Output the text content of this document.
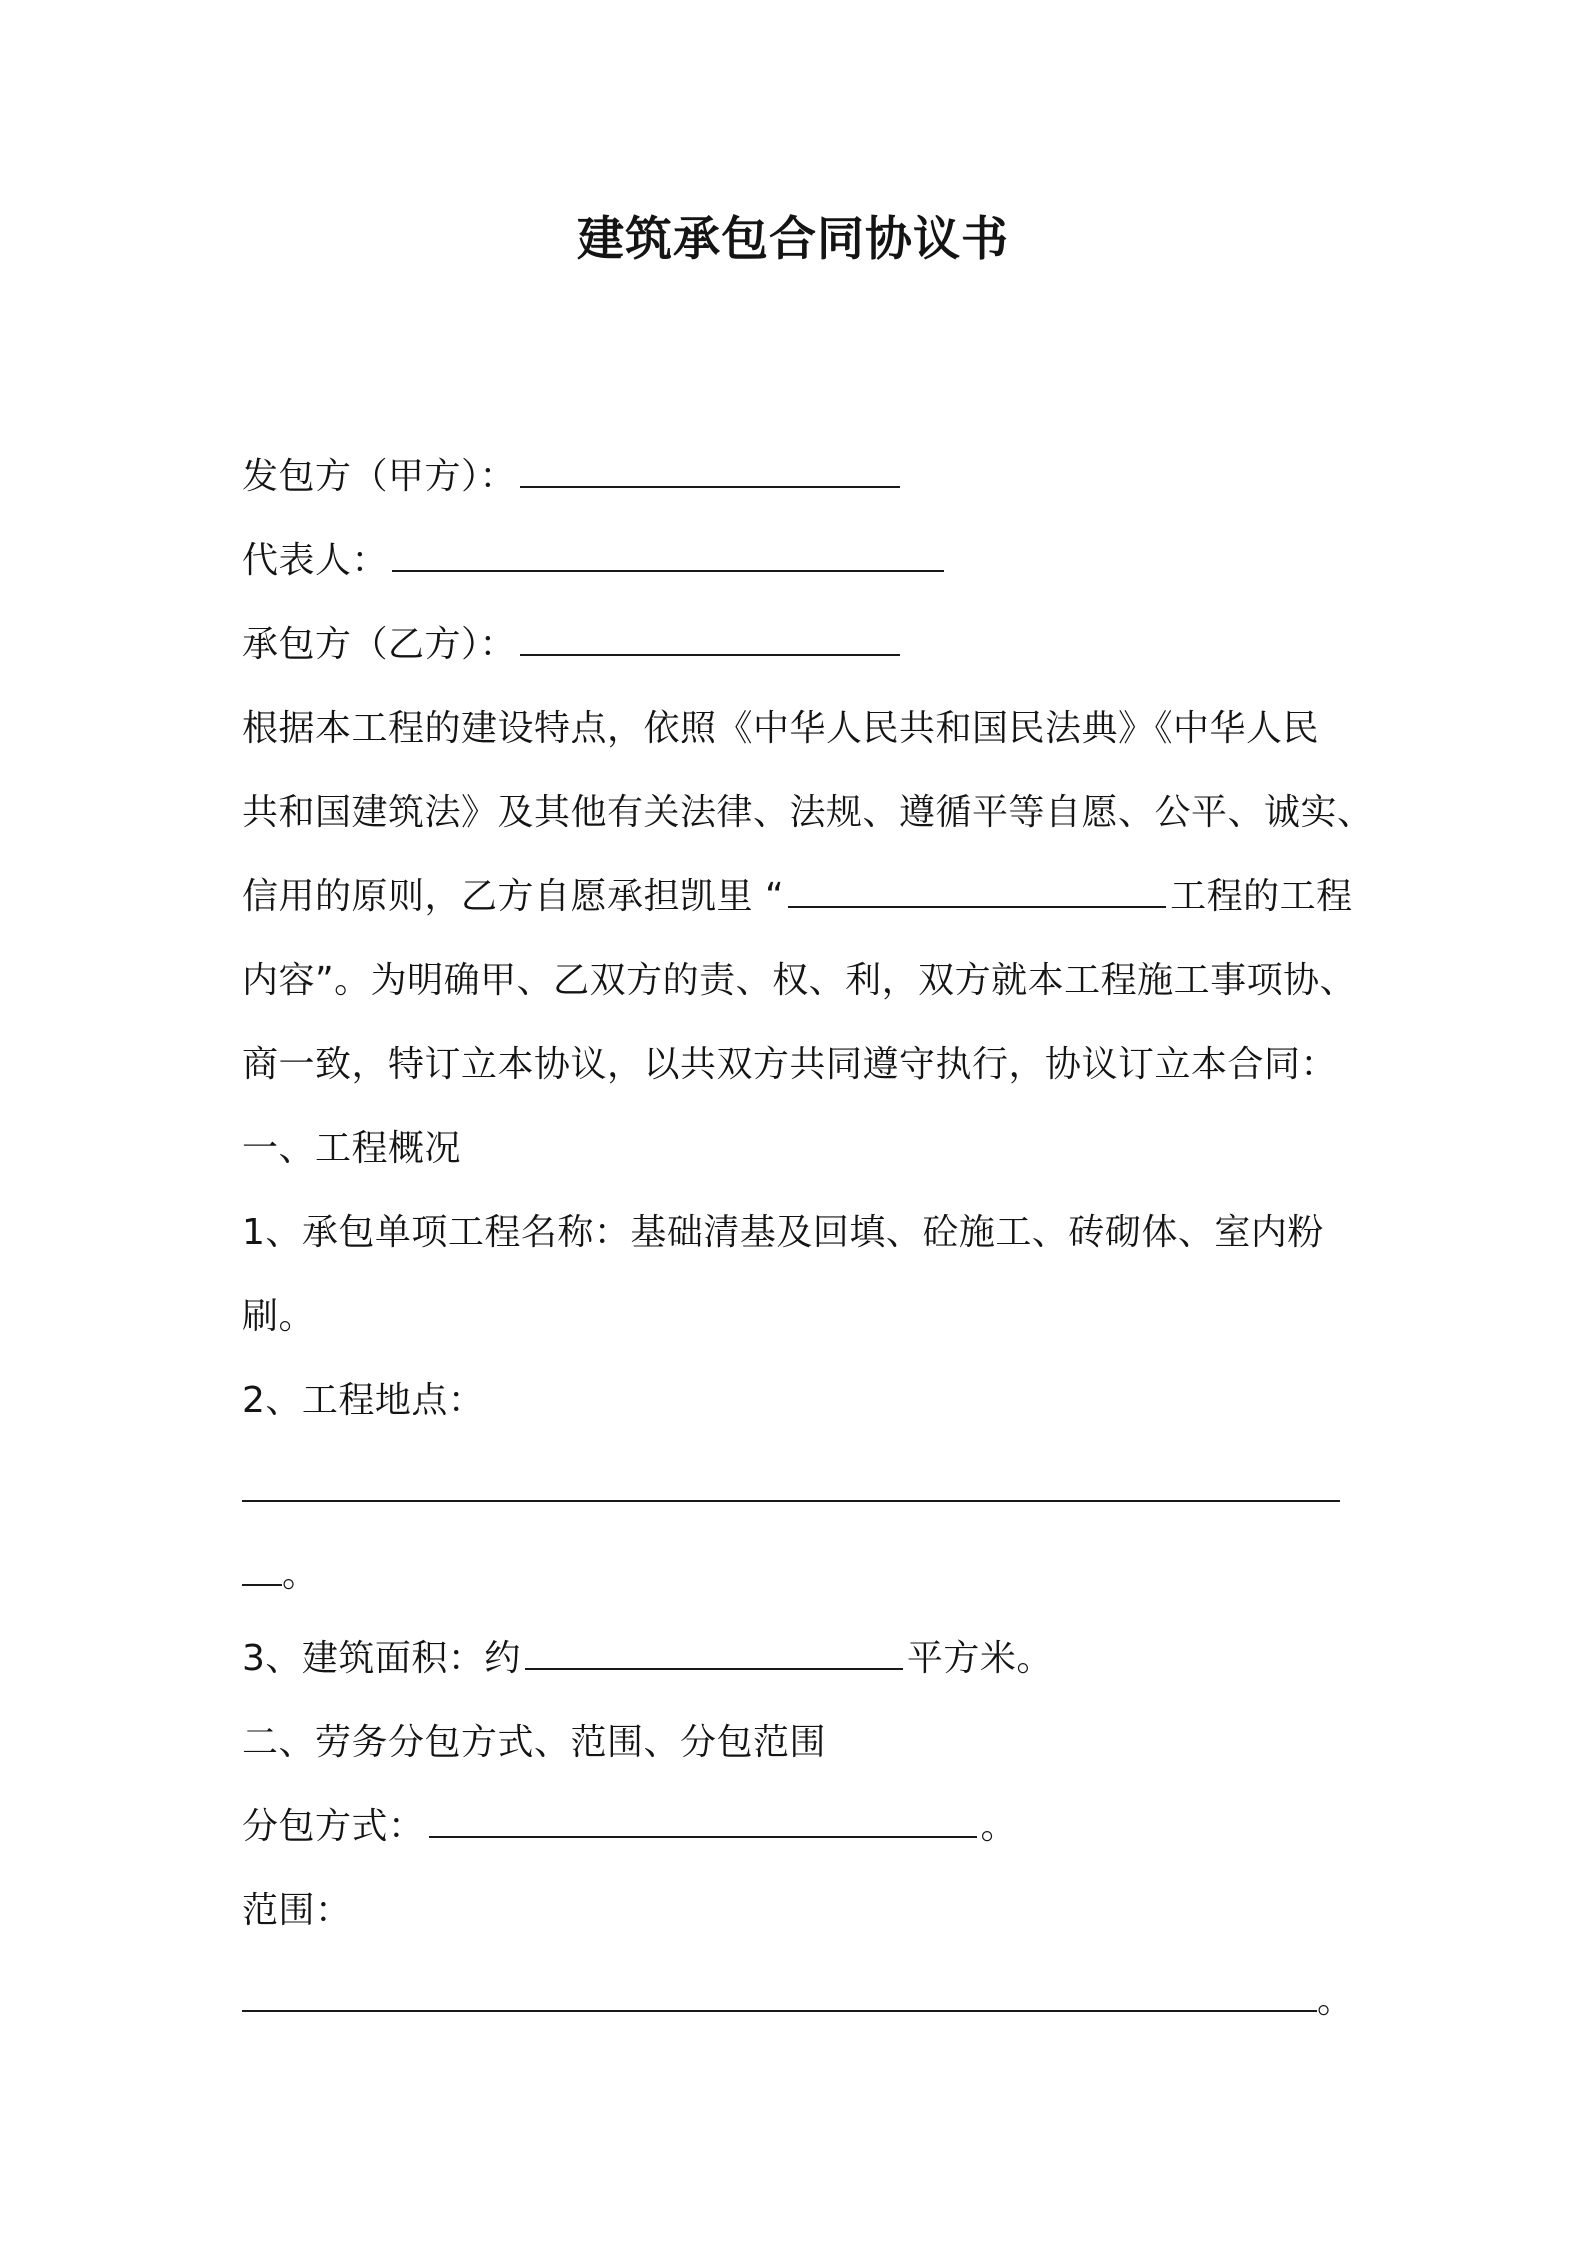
建筑承包合同协议书
发包方（甲方）：
代表人：
承包方（乙方）：
根据本工程的建设特点，依照《中华人民共和国民法典》《中华人民
共和国建筑法》及其他有关法律、法规、遵循平等自愿、公平、诚实、
信用的原则，乙方自愿承担凯里 “	工程的工程
内容”。为明确甲、乙双方的责、权、利，双方就本工程施工事项协、
商一致，特订立本协议，以共双方共同遵守执行，协议订立本合同：
一、工程概况
1、承包单项工程名称：基础清基及回填、砼施工、砖砌体、室内粉
刷。
2、工程地点：
。
3、建筑面积：约	平方米。
二、劳务分包方式、范围、分包范围
分包方式：	。
范围：
。
